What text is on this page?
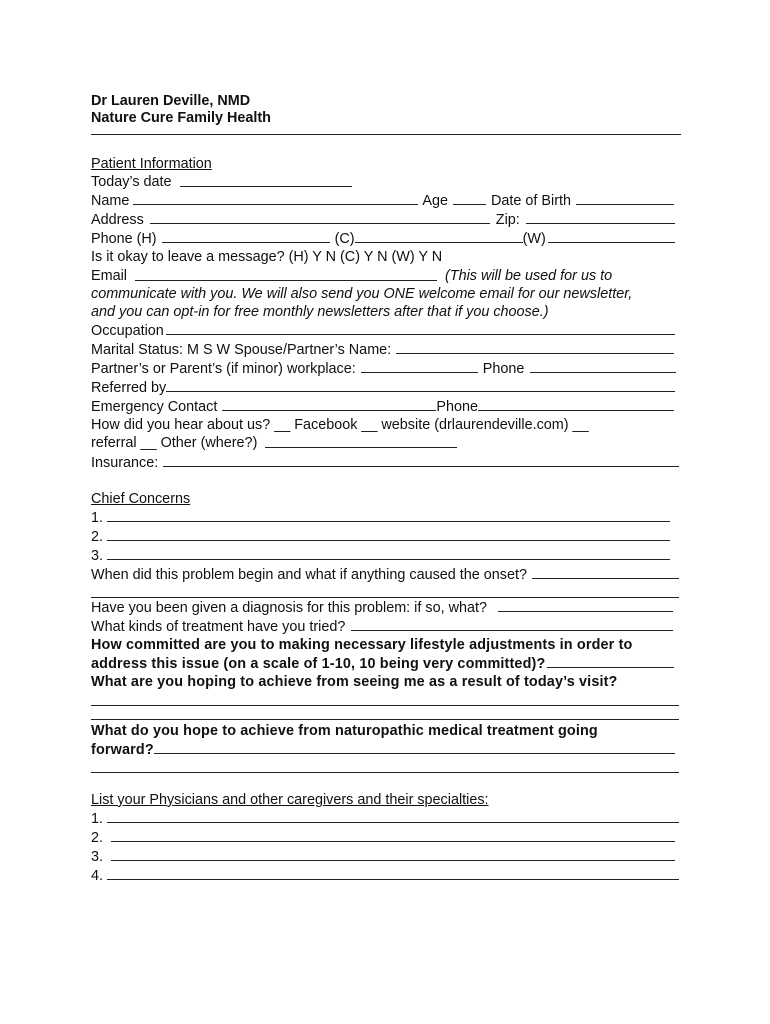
Dr Lauren Deville, NMD
Nature Cure Family Health
Patient Information
Today’s date
Name	Age	Date of Birth
Address	Zip:
Phone (H)	(C)	(W)
Is it okay to leave a message? (H) Y N (C) Y N (W) Y N
Email	(This will be used for us to
communicate with you. We will also send you ONE welcome email for our newsletter,
and you can opt-in for free monthly newsletters after that if you choose.)
Occupation
Marital Status: M S W Spouse/Partner’s Name:
Partner’s or Parent’s (if minor) workplace:	Phone
Referred by
Emergency Contact	Phone
How did you hear about us? __ Facebook __ website (drlaurendeville.com) __
referral __ Other (where?)
Insurance:
Chief Concerns
1.
2.
3.
When did this problem begin and what if anything caused the onset?
Have you been given a diagnosis for this problem: if so, what?
What kinds of treatment have you tried?
How committed are you to making necessary lifestyle adjustments in order to
address this issue (on a scale of 1-10, 10 being very committed)?
What are you hoping to achieve from seeing me as a result of today’s visit?
What do you hope to achieve from naturopathic medical treatment going
forward?
List your Physicians and other caregivers and their specialties:
1.
2.
3.
4.
